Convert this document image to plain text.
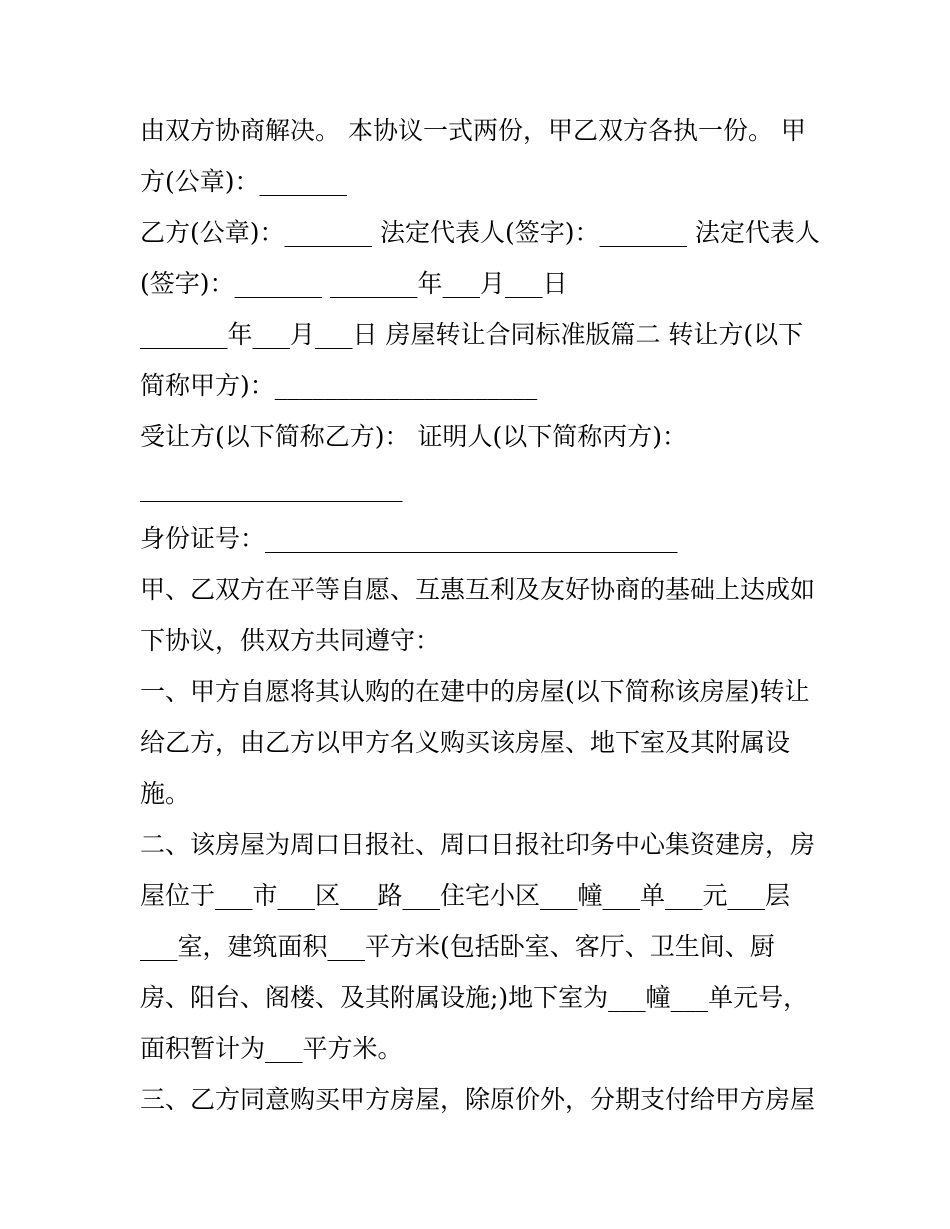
由双方协商解决。 本协议一式两份，甲乙双方各执一份。 甲
方(公章)：_______
乙方(公章)：_______ 法定代表人(签字)：_______ 法定代表人
(签字)：_______ _______年___月___日
_______年___月___日 房屋转让合同标准版篇二 转让方(以下
简称甲方)：_____________________
受让方(以下简称乙方)： 证明人(以下简称丙方)：
_____________________
身份证号：_________________________________
甲、乙双方在平等自愿、互惠互利及友好协商的基础上达成如
下协议，供双方共同遵守：
一、甲方自愿将其认购的在建中的房屋(以下简称该房屋)转让
给乙方，由乙方以甲方名义购买该房屋、地下室及其附属设
施。
二、该房屋为周口日报社、周口日报社印务中心集资建房，房
屋位于___市___区___路___住宅小区___幢___单___元___层
___室，建筑面积___平方米(包括卧室、客厅、卫生间、厨
房、阳台、阁楼、及其附属设施;)地下室为___幢___单元号，
面积暂计为___平方米。
三、乙方同意购买甲方房屋，除原价外，分期支付给甲方房屋
